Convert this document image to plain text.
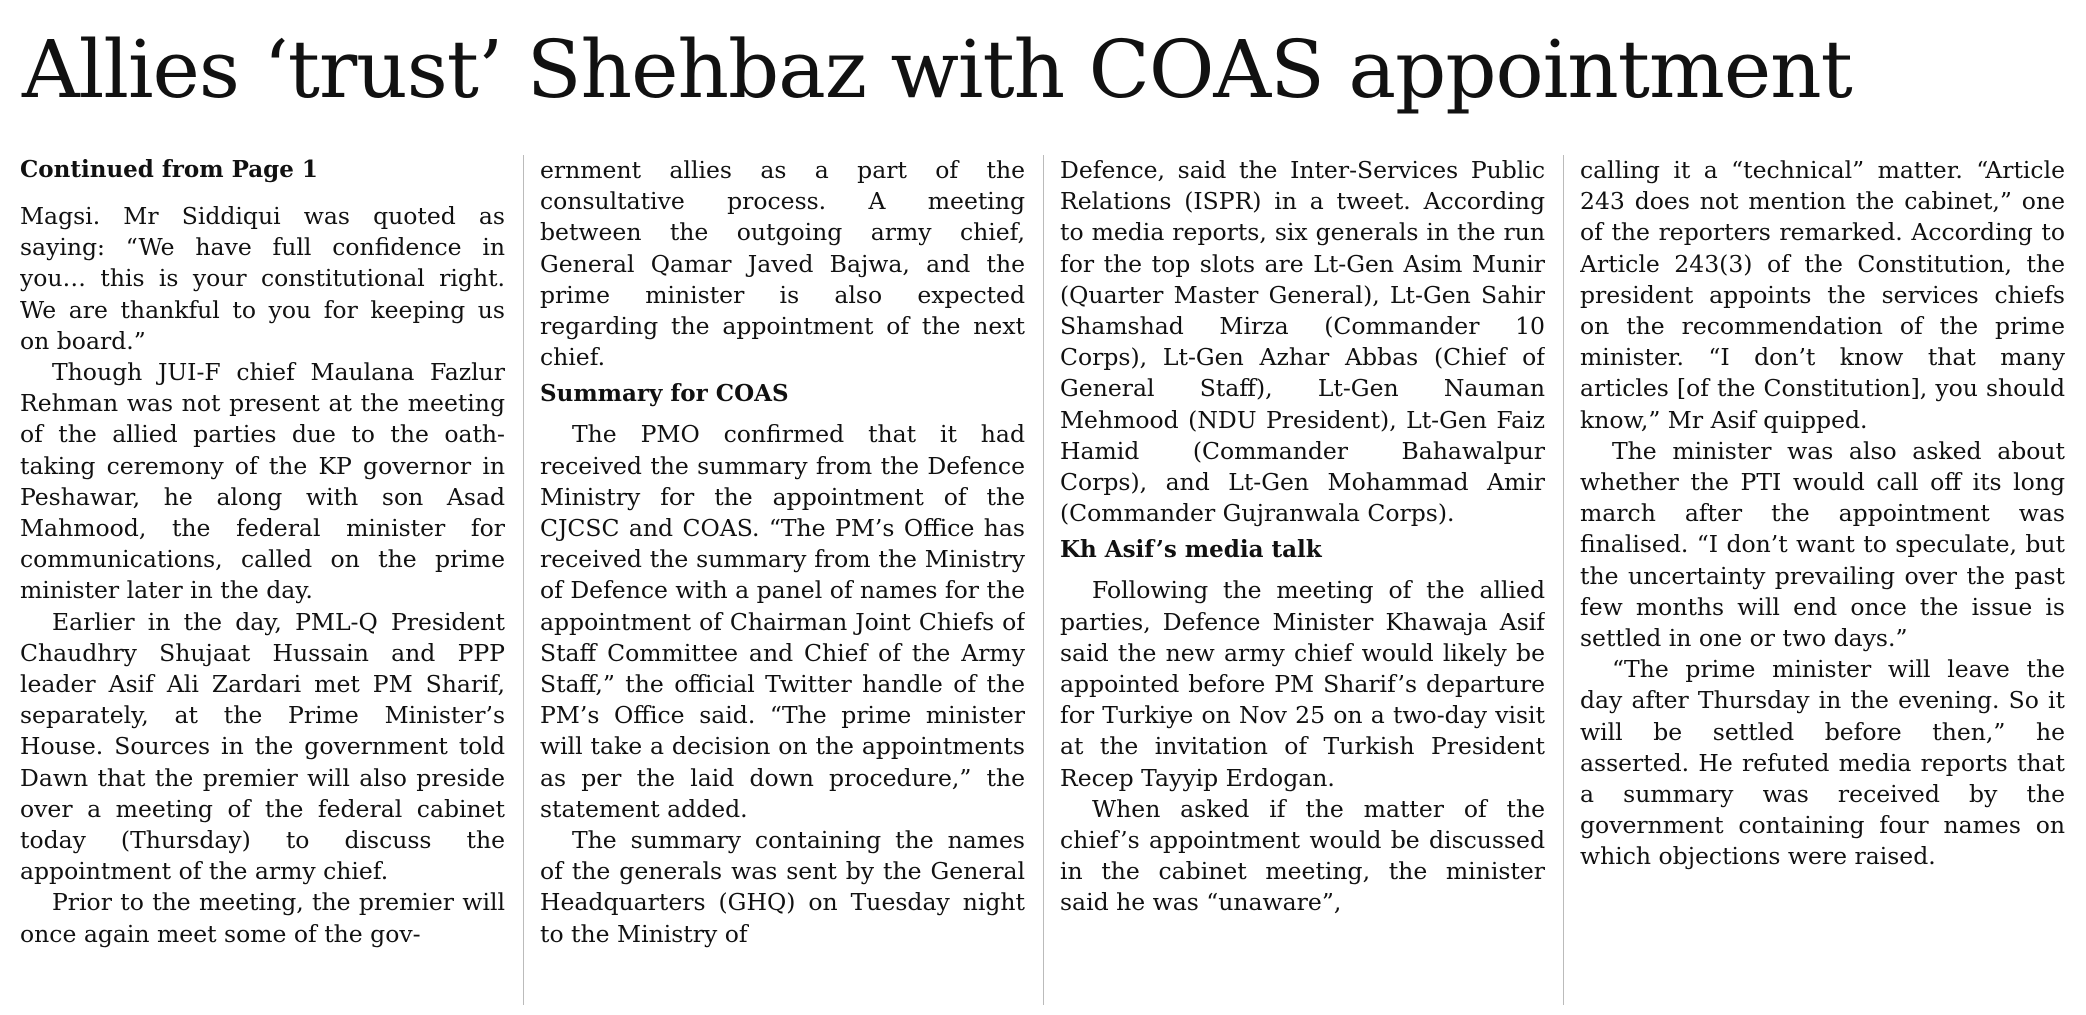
Allies ‘trust’ Shehbaz with COAS appointment
Continued from Page 1

Magsi. Mr Siddiqui was quoted as saying: “We have full confidence in you… this is your constitutional right. We are thankful to you for keeping us on board.”

Though JUI-F chief Maulana Fazlur Rehman was not present at the meeting of the allied parties due to the oath-taking ceremony of the KP governor in Peshawar, he along with son Asad Mahmood, the federal minister for communications, called on the prime minister later in the day.

Earlier in the day, PML-Q President Chaudhry Shujaat Hussain and PPP leader Asif Ali Zardari met PM Sharif, separately, at the Prime Minister’s House. Sources in the government told Dawn that the premier will also preside over a meeting of the federal cabinet today (Thursday) to discuss the appointment of the army chief.

Prior to the meeting, the premier will once again meet some of the gov-

ernment allies as a part of the consultative process. A meeting between the outgoing army chief, General Qamar Javed Bajwa, and the prime minister is also expected regarding the appointment of the next chief.

Summary for COAS

The PMO confirmed that it had received the summary from the Defence Ministry for the appointment of the CJCSC and COAS. “The PM’s Office has received the summary from the Ministry of Defence with a panel of names for the appointment of Chairman Joint Chiefs of Staff Committee and Chief of the Army Staff,” the official Twitter handle of the PM’s Office said. “The prime minister will take a decision on the appointments as per the laid down procedure,” the statement added.

The summary containing the names of the generals was sent by the General Headquarters (GHQ) on Tuesday night to the Ministry of

Defence, said the Inter-Services Public Relations (ISPR) in a tweet. According to media reports, six generals in the run for the top slots are Lt-Gen Asim Munir (Quarter Master General), Lt-Gen Sahir Shamshad Mirza (Commander 10 Corps), Lt-Gen Azhar Abbas (Chief of General Staff), Lt-Gen Nauman Mehmood (NDU President), Lt-Gen Faiz Hamid (Commander Bahawalpur Corps), and Lt-Gen Mohammad Amir (Commander Gujranwala Corps).

Kh Asif’s media talk

Following the meeting of the allied parties, Defence Minister Khawaja Asif said the new army chief would likely be appointed before PM Sharif’s departure for Turkiye on Nov 25 on a two-day visit at the invitation of Turkish President Recep Tayyip Erdogan.

When asked if the matter of the chief’s appointment would be discussed in the cabinet meeting, the minister said he was “unaware”,

calling it a “technical” matter. “Article 243 does not mention the cabinet,” one of the reporters remarked. According to Article 243(3) of the Constitution, the president appoints the services chiefs on the recommendation of the prime minister. “I don’t know that many articles [of the Constitution], you should know,” Mr Asif quipped.

The minister was also asked about whether the PTI would call off its long march after the appointment was finalised. “I don’t want to speculate, but the uncertainty prevailing over the past few months will end once the issue is settled in one or two days.”

“The prime minister will leave the day after Thursday in the evening. So it will be settled before then,” he asserted. He refuted media reports that a summary was received by the government containing four names on which objections were raised.
